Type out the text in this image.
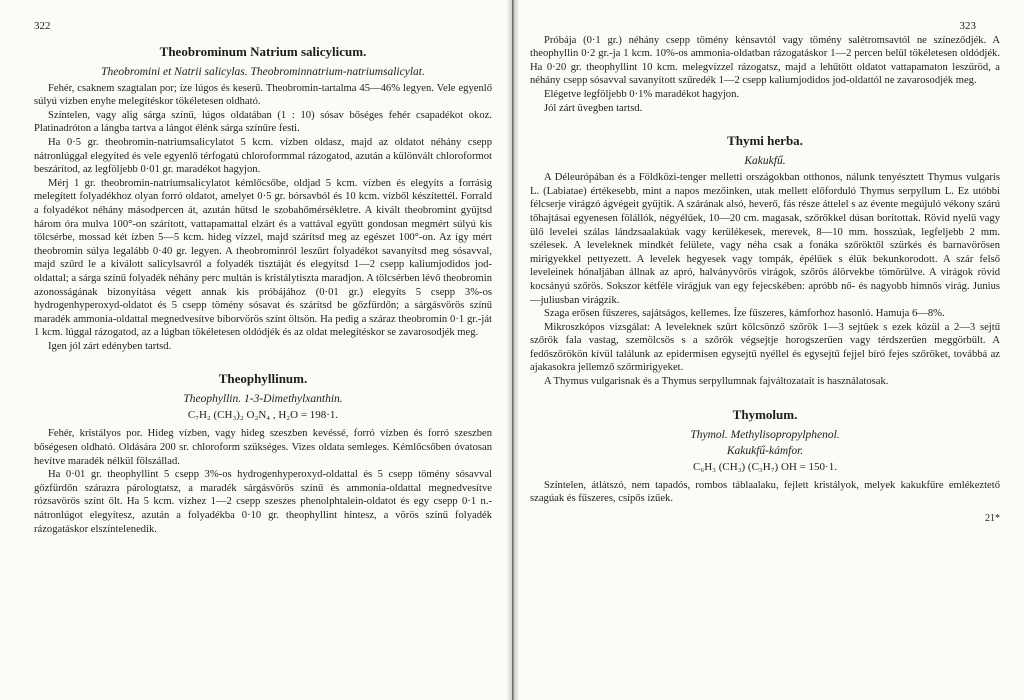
322

Theobrominum Natrium salicylicum.
Theobromini et Natrii salicylas. Theobrominnatrium-natriumsalicylat.

Fehér, csaknem szagtalan por; íze lúgos és keserű. Theobromin-tartalma 45—46% legyen. Vele egyenlő súlyú vízben enyhe melegítéskor tökéletesen oldható.

Színtelen, vagy alig sárga színű, lúgos oldatában (1 : 10) sósav bőséges fehér csapadékot okoz. Platinadróton a lángba tartva a lángot élénk sárga színűre festi.

Ha 0·5 gr. theobromin-natriumsalicylatot 5 kcm. vízben oldasz, majd az oldatot néhány csepp nátronlúggal elegyíted és vele egyenlő térfogatú chloroformmal rázogatod, azután a különvált chloroformot beszárítod, az legföljebb 0·01 gr. maradékot hagyjon.

Mérj 1 gr. theobromin-natriumsalicylatot kémlőcsőbe, oldjad 5 kcm. vízben és elegyíts a forrásig melegített folyadékhoz olyan forró oldatot, amelyet 0·5 gr. bórsavból és 10 kcm. vízből készítettél. Forrald a folyadékot néhány másodpercen át, azután hűtsd le szobahőmérsékletre. A kivált theobromint gyűjtsd három óra mulva 100°-on szárított, vattapamattal elzárt és a vattával együtt gondosan megmért súlyú kis tölcsérbe, mossad két ízben 5—5 kcm. hideg vízzel, majd szárítsd meg az egészet 100°-on. Az így mért theobromin súlya legalább 0·40 gr. legyen. A theobrominról leszűrt folyadékot savanyítsd meg sósavval, majd szűrd le a kiválott salicylsavról a folyadék tisztáját és elegyítsd 1—2 csepp kaliumjodidos jod-oldattal; a sárga színű folyadék néhány perc multán is kristálytiszta maradjon. A tölcsérben lévő theobromin azonosságának bizonyítása végett annak kis próbájához (0·01 gr.) elegyíts 5 csepp 3%-os hydrogenhyperoxyd-oldatot és 5 csepp tömény sósavat és szárítsd be gőzfürdőn; a sárgásvörös színű maradék ammonia-oldattal megnedvesítve bíborvörös színt öltsön. Ha pedig a száraz theobromin 0·1 gr.-ját 1 kcm. lúggal rázogatod, az a lúgban tökéletesen oldódjék és az oldat melegítéskor se zavarosodjék meg.

Igen jól zárt edényben tartsd.

Theophyllinum.
Theophyllin. 1-3-Dimethylxanthin.
C₇H₂ (CH₃)₂ O₂N₄ , H₂O = 198·1.

Fehér, kristályos por. Hideg vízben, vagy hideg szeszben kevéssé, forró vízben és forró szeszben bőségesen oldható. Oldására 200 sr. chloroform szükséges. Vizes oldata semleges. Kémlőcsőben óvatosan hevítve maradék nélkül fölszállad.

Ha 0·01 gr. theophyllint 5 csepp 3%-os hydrogenhyperoxyd-oldattal és 5 csepp tömény sósavval gőzfürdőn szárazra párologtatsz, a maradék sárgásvörös színű és ammonia-oldattal megnedvesítve rózsavörös színt ölt. Ha 5 kcm. vízhez 1—2 csepp szeszes phenolphtalein-oldatot és egy csepp 0·1 n.-nátronlúgot elegyítesz, azután a folyadékba 0·10 gr. theophyllint hintesz, a vörös színű folyadék rázogatáskor elszíntelenedik.

323

Próbája (0·1 gr.) néhány csepp tömény kénsavtól vagy tömény salétromsavtól ne színeződjék. A theophyllin 0·2 gr.-ja 1 kcm. 10%-os ammonia-oldatban rázogatáskor 1—2 percen belül tökéletesen oldódjék. Ha 0·20 gr. theophyllint 10 kcm. melegvízzel rázogatsz, majd a lehűtött oldatot vattapamaton leszűröd, a néhány csepp sósavval savanyított szűredék 1—2 csepp kaliumjodidos jod-oldattól ne zavarosodjék meg.

Elégetve legföljebb 0·1% maradékot hagyjon.

Jól zárt üvegben tartsd.

Thymi herba.
Kakukfű.

A Déleurópában és a Földközi-tenger melletti országokban otthonos, nálunk tenyésztett Thymus vulgaris L. (Labiatae) értékesebb, mint a napos mezőinken, utak mellett előforduló Thymus serpyllum L. Ez utóbbi félcserje virágzó ágvégeit gyűjtik. A szárának alsó, heverő, fás része áttelel s az évente megújuló vékony szárú tőhajtásai egyenesen fölállók, négyélűek, 10—20 cm. magasak, szőrökkel dúsan borítottak. Rövid nyelű vagy ülő levelei szálas lándzsaalakúak vagy kerülékesek, merevek, 8—10 mm. hosszúak, legfeljebb 2 mm. szélesek. A leveleknek mindkét felülete, vagy néha csak a fonáka szőröktől szürkés és barnavörösen mirigyekkel pettyezett. A levelek hegyesek vagy tompák, épélűek s élük bekunkorodott. A szár felső leveleinek hónaljában állnak az apró, halványvörös virágok, szőrös álörvekbe tömörülve. A virágok rövid kocsányú szőrös. Sokszor kétféle virágjuk van egy fejecskében: apróbb nő- és nagyobb hímnős virág. Junius—juliusban virágzik.

Szaga erősen fűszeres, sajátságos, kellemes. Íze fűszeres, kámforhoz hasonló. Hamuja 6—8%.

Mikroszkópos vizsgálat: A leveleknek szűrt kölcsönző szőrök 1—3 sejtűek s ezek közül a 2—3 sejtű szőrök fala vastag, szemölcsös s a szőrök végsejtje horogszerűen vagy térdszerűen meggörbült. A fedőszőrökön kívül találunk az epidermisen egysejtű nyéllel és egysejtű fejjel bíró fejes szőröket, továbbá az ajakasokra jellemző szőrmirigyeket.

A Thymus vulgarisnak és a Thymus serpyllumnak fajváltozatait is használatosak.

Thymolum.
Thymol. Methylisopropylphenol.
Kakukfű-kámfor.
C₆H₃ (CH₃) (C₃H₇) OH = 150·1.

Színtelen, átlátszó, nem tapadós, rombos táblaalaku, fejlett kristályok, melyek kakukfűre emlékeztető szagúak és fűszeres, csípős ízűek.

21*
